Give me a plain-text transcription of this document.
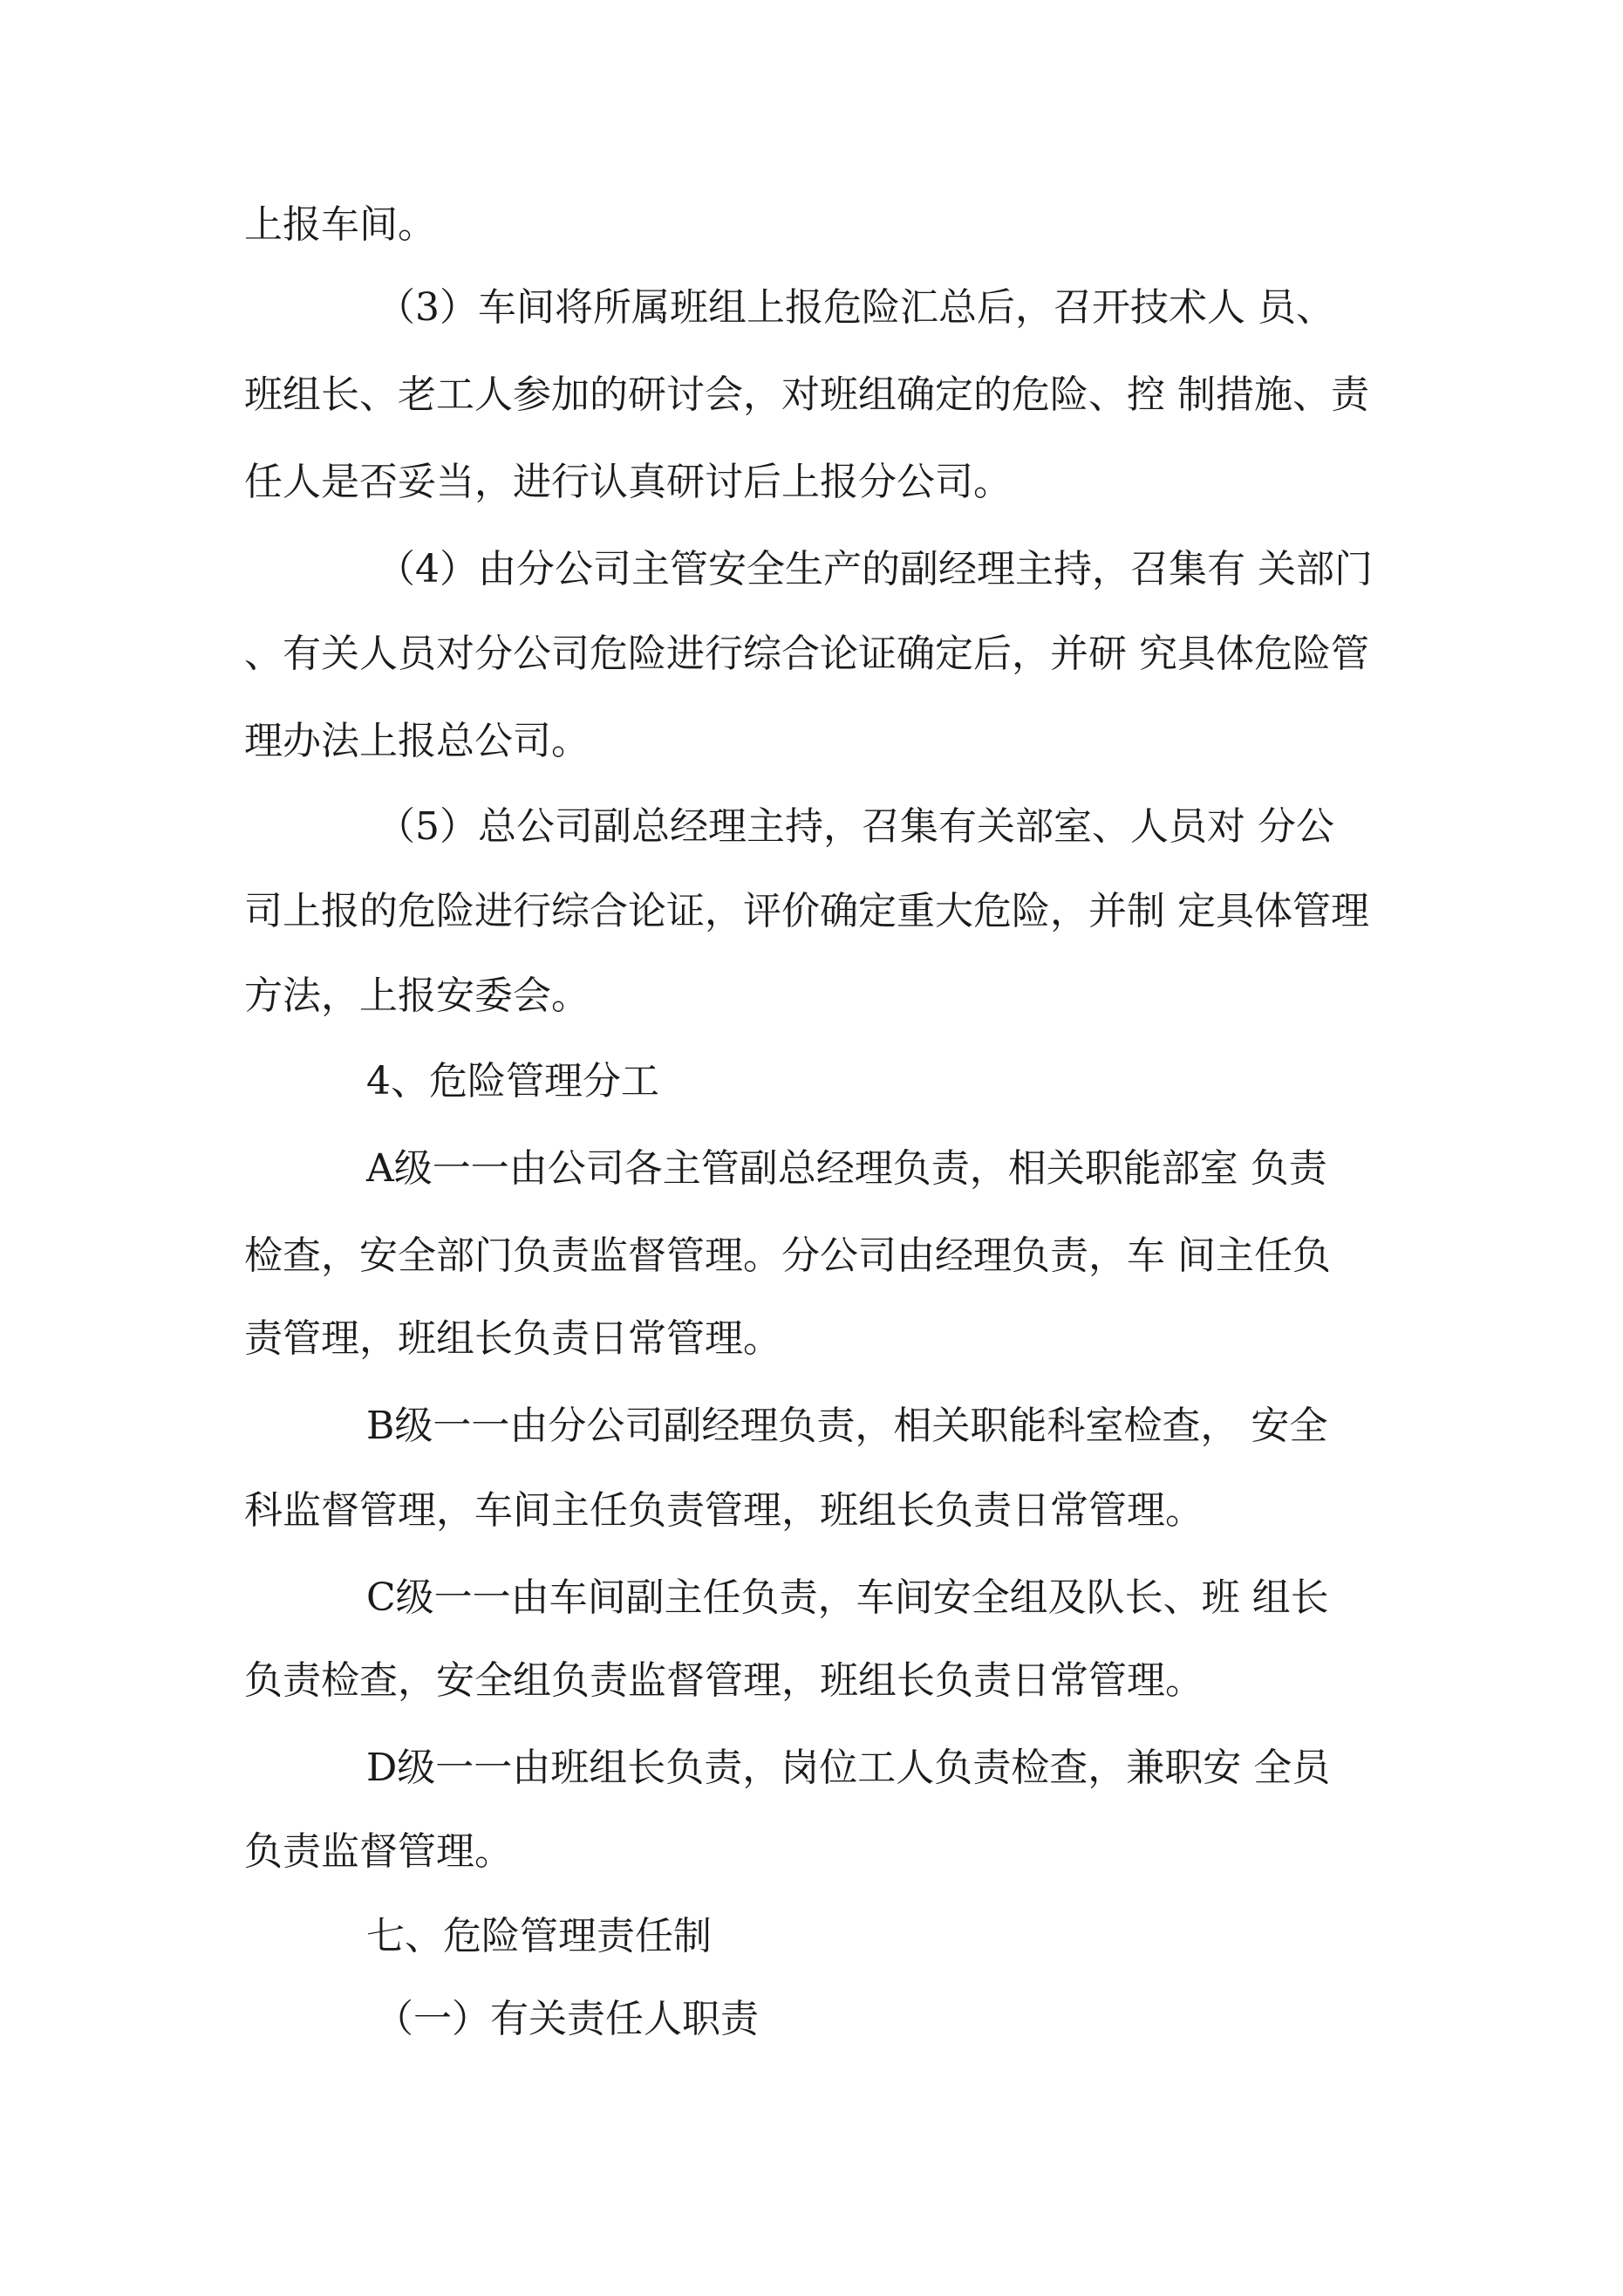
上报车间。
（3）车间将所属班组上报危险汇总后，召开技术人 员、
班组长、老工人参加的研讨会，对班组确定的危险、控 制措施、责
任人是否妥当，进行认真研讨后上报分公司。
（4）由分公司主管安全生产的副经理主持，召集有 关部门
、有关人员对分公司危险进行综合论证确定后，并研 究具体危险管
理办法上报总公司。
（5）总公司副总经理主持，召集有关部室、人员对 分公
司上报的危险进行综合论证，评价确定重大危险，并制 定具体管理
方法，上报安委会。
4、危险管理分工
A级一一由公司各主管副总经理负责，相关职能部室 负责
检查，安全部门负责监督管理。分公司由经理负责，车 间主任负
责管理，班组长负责日常管理。
B级一一由分公司副经理负责，相关职能科室检查， 安全
科监督管理，车间主任负责管理，班组长负责日常管理。
C级一一由车间副主任负责，车间安全组及队长、班 组长
负责检查，安全组负责监督管理，班组长负责日常管理。
D级一一由班组长负责，岗位工人负责检查，兼职安 全员
负责监督管理。
七、危险管理责任制
（一）有关责任人职责
